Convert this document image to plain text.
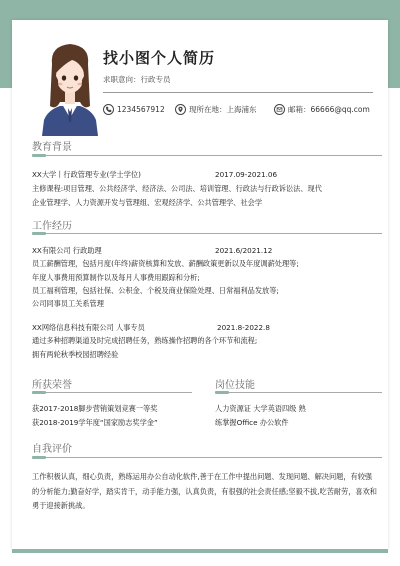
找小图个人简历
求职意向：行政专员
1234567912	现所在地：上海浦东	邮箱：66666@qq.com
教育背景
XX大学丨行政管理专业(学士学位)	2017.09-2021.06
主修课程:项目管理、公共经济学、经济法、公司法、培训管理、行政法与行政诉讼法、现代
企业管理学、人力资源开发与管理组、宏观经济学、公共管理学、社会学
工作经历
XX有限公司 行政助理	2021.6/2021.12
员工薪酬管理，包括月度(年终)薪资核算和发放、薪酬政策更新以及年度调薪处理等;
年度人事费用预算制作以及每月人事费用跟踪和分析;
员工福利管理，包括社保、公积金、个税及商业保险处理、日常福利品发放等;
公司同事员工关系管理
XX网络信息科技有限公司 人事专员	2021.8-2022.8
通过多种招聘渠道及时完成招聘任务，熟练操作招聘的各个环节和流程;
拥有两轮秋季校园招聘经验
所获荣誉
获2017-2018脚步营销策划竞赛一等奖
获2018-2019学年度“国家励志奖学金”
岗位技能
人力资源证 大学英语四级 熟
练掌握Office 办公软件
自我评价
工作积极认真，细心负责，熟练运用办公自动化软件,善于在工作中提出问题、发现问题、解决问题，有较强的分析能力;勤奋好学，踏实肯干，动手能力强，认真负责，有很强的社会责任感;坚毅不拔,吃苦耐劳，喜欢和勇于迎接新挑战。
